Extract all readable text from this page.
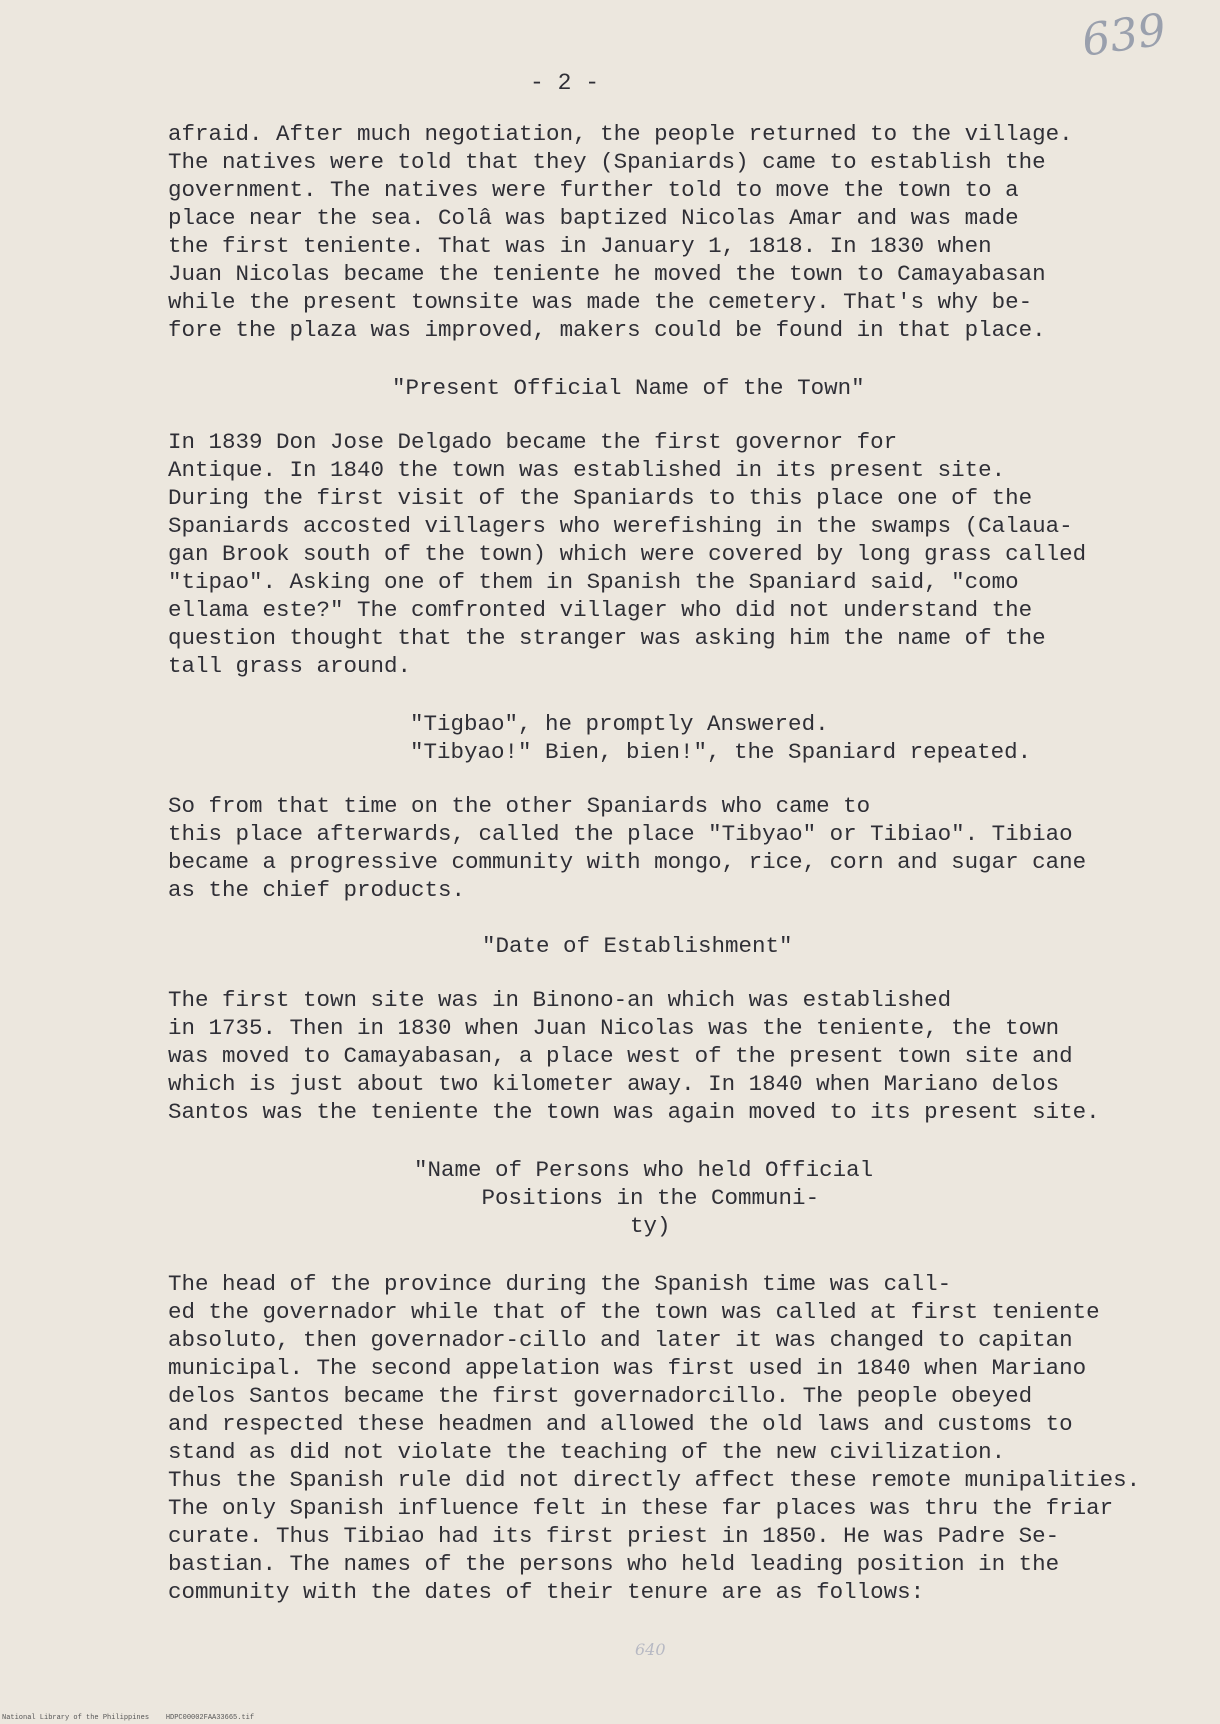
639
- 2 -

afraid. After much negotiation, the people returned to the village.
The natives were told that they (Spaniards) came to establish the
government. The natives were further told to move the town to a
place near the sea. Colâ was baptized Nicolas Amar and was made
the first teniente. That was in January 1, 1818. In 1830 when
Juan Nicolas became the teniente he moved the town to Camayabasan
while the present townsite was made the cemetery. That's why be-
fore the plaza was improved, makers could be found in that place.

"Present Official Name of the Town"

In 1839 Don Jose Delgado became the first governor for
Antique. In 1840 the town was established in its present site.
During the first visit of the Spaniards to this place one of the
Spaniards accosted villagers who werefishing in the swamps (Calaua-
gan Brook south of the town) which were covered by long grass called
"tipao". Asking one of them in Spanish the Spaniard said, "como
ellama este?" The comfronted villager who did not understand the
question thought that the stranger was asking him the name of the
tall grass around.

"Tigbao", he promptly Answered.
"Tibyao!" Bien, bien!", the Spaniard repeated.

So from that time on the other Spaniards who came to
this place afterwards, called the place "Tibyao" or Tibiao". Tibiao
became a progressive community with mongo, rice, corn and sugar cane
as the chief products.

"Date of Establishment"

The first town site was in Binono-an which was established
in 1735. Then in 1830 when Juan Nicolas was the teniente, the town
was moved to Camayabasan, a place west of the present town site and
which is just about two kilometer away. In 1840 when Mariano delos
Santos was the teniente the town was again moved to its present site.

"Name of Persons who held Official
Positions in the Communi-
ty)

The head of the province during the Spanish time was call-
ed the governador while that of the town was called at first teniente
absoluto, then governador-cillo and later it was changed to capitan
municipal. The second appelation was first used in 1840 when Mariano
delos Santos became the first governadorcillo. The people obeyed
and respected these headmen and allowed the old laws and customs to
stand as did not violate the teaching of the new civilization.
Thus the Spanish rule did not directly affect these remote munipalities.
The only Spanish influence felt in these far places was thru the friar
curate. Thus Tibiao had its first priest in 1850. He was Padre Se-
bastian. The names of the persons who held leading position in the
community with the dates of their tenure are as follows:

640
National Library of the Philippines    HDPC00002FAA33665.tif
